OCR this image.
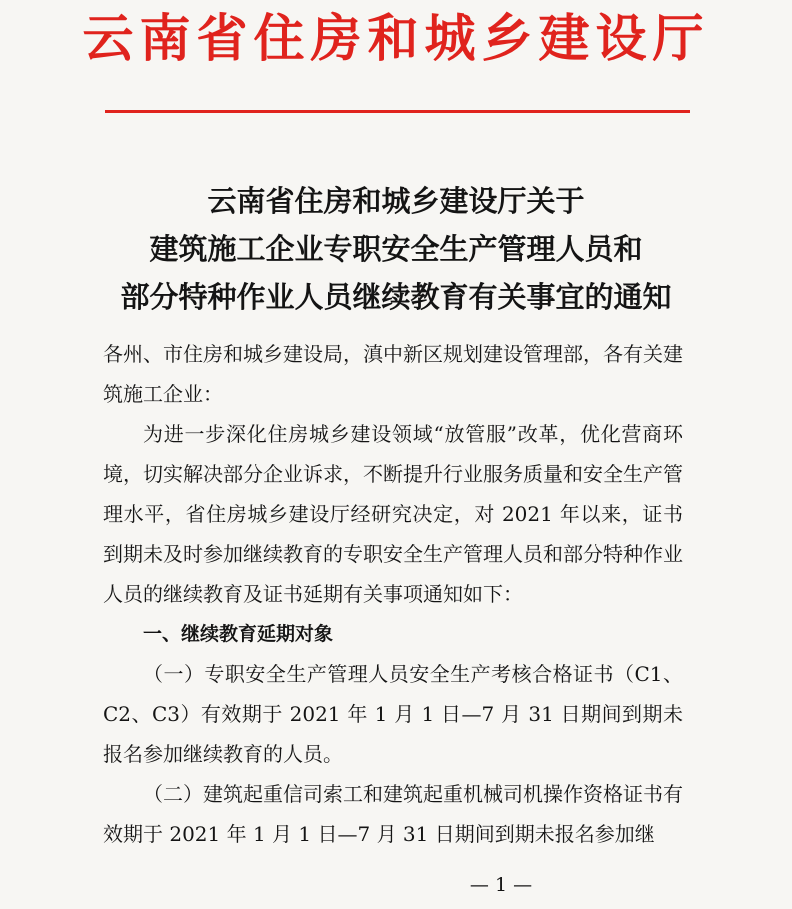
云南省住房和城乡建设厅
云南省住房和城乡建设厅关于
建筑施工企业专职安全生产管理人员和
部分特种作业人员继续教育有关事宜的通知

各州、市住房和城乡建设局，滇中新区规划建设管理部，各有关建筑施工企业：

为进一步深化住房城乡建设领域“放管服”改革，优化营商环境，切实解决部分企业诉求，不断提升行业服务质量和安全生产管理水平，省住房城乡建设厅经研究决定，对 2021 年以来，证书到期未及时参加继续教育的专职安全生产管理人员和部分特种作业人员的继续教育及证书延期有关事项通知如下：

一、继续教育延期对象

（一）专职安全生产管理人员安全生产考核合格证书（C1、C2、C3）有效期于 2021 年 1 月 1 日—7 月 31 日期间到期未报名参加继续教育的人员。

（二）建筑起重信司索工和建筑起重机械司机操作资格证书有效期于 2021 年 1 月 1 日—7 月 31 日期间到期未报名参加继

— 1 —
